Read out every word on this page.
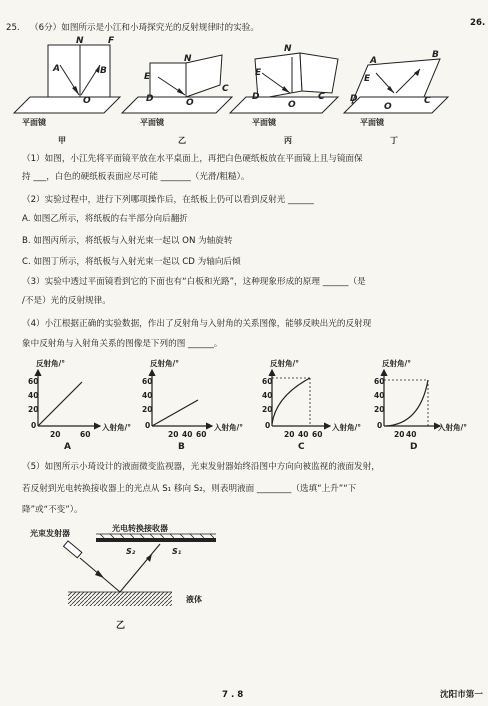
26.
25. （6分）如图所示是小江和小琦探究光的反射规律时的实验。
A
N	F
B
O
N
E
O
C
D
N
E
D
O
C
A
B
E
D
O
C
平面镜	平面镜	平面镜	平面镜
甲	乙	丙	丁
（1）如图，小江先将平面镜平放在水平桌面上，再把白色硬纸板放在平面镜上且与镜面保
持 ___，白色的硬纸板表面应尽可能 _______（光滑/粗糙）。
（2）实验过程中，进行下列哪项操作后，在纸板上仍可以看到反射光 ______
A. 如图乙所示，将纸板的右半部分向后翻折
B. 如图丙所示，将纸板与入射光束一起以 ON 为轴旋转
C. 如图丁所示，将纸板与入射光束一起以 CD 为轴向后倾
（3）实验中透过平面镜看到它的下面也有“白板和光路”，这种现象形成的原理 ______（是
/不是）光的反射规律。
（4）小江根据正确的实验数据，作出了反射角与入射角的关系图像，能够反映出光的反射现
象中反射角与入射角关系的图像是下列的图 ______。
反射角/°
入射角/°
60
40
20
0
20	60
A
反射角/°
入射角/°
60
40
20
0
20 40 60
B
反射角/°
入射角/°
60
40
20
0
20 40 60
C
反射角/°
入射角/°
60
40
20
0
20 40
D
（5）如图所示小琦设计的液面微变监视器，光束发射器始终沿图中方向向被监视的液面发射，
若反射到光电转换接收器上的光点从 S₁ 移向 S₂，则表明液面 ________（选填“上升”“下
降”或“不变”）。
光束发射器
光电转换接收器
S₂	S₁
液体
乙
7 . 8	沈阳市第一
